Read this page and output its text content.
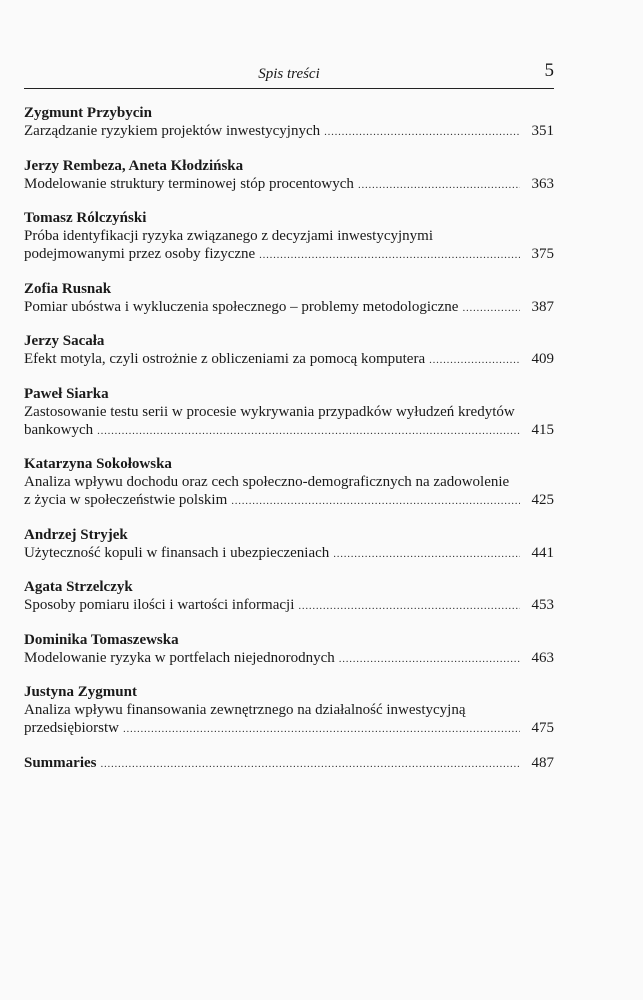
Spis treści	5
Zygmunt Przybycin
Zarządzanie ryzykiem projektów inwestycyjnych . . .	351
Jerzy Rembeza, Aneta Kłodzińska
Modelowanie struktury terminowej stóp procentowych . . .	363
Tomasz Rólczyński
Próba identyfikacji ryzyka związanego z decyzjami inwestycyjnymi
podejmowanymi przez osoby fizyczne . . .	375
Zofia Rusnak
Pomiar ubóstwa i wykluczenia społecznego – problemy metodologiczne . . .	387
Jerzy Sacała
Efekt motyla, czyli ostrożnie z obliczeniami za pomocą komputera . . .	409
Paweł Siarka
Zastosowanie testu serii w procesie wykrywania przypadków wyłudzeń kredytów
bankowych . . .	415
Katarzyna Sokołowska
Analiza wpływu dochodu oraz cech społeczno-demograficznych na zadowolenie
z życia w społeczeństwie polskim . . .	425
Andrzej Stryjek
Użyteczność kopuli w finansach i ubezpieczeniach . . .	441
Agata Strzelczyk
Sposoby pomiaru ilości i wartości informacji . . .	453
Dominika Tomaszewska
Modelowanie ryzyka w portfelach niejednorodnych . . .	463
Justyna Zygmunt
Analiza wpływu finansowania zewnętrznego na działalność inwestycyjną
przedsiębiorstw . . .	475
Summaries . . .	487
